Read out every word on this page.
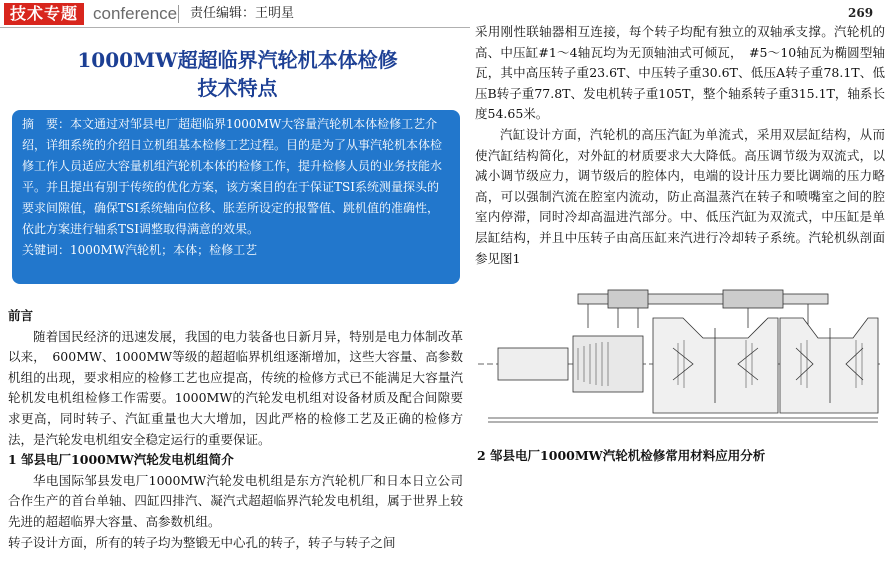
技术专题 conference 责任编辑：王明星	269
1000MW超超临界汽轮机本体检修
技术特点

摘　要：本文通过对邹县电厂超超临界1000MW大容量汽轮机本体检修工艺介绍，详细系统的介绍日立机组基本检修工艺过程。目的是为了从事汽轮机本体检修工作人员适应大容量机组汽轮机本体的检修工作，提升检修人员的业务技能水平。并且提出有别于传统的优化方案，该方案目的在于保证TSI系统测量探头的要求间隙值，确保TSI系统轴向位移、胀差所设定的报警值、跳机值的准确性，依此方案进行轴系TSI调整取得满意的效果。

关键词：1000MW汽轮机；本体；检修工艺

前言

随着国民经济的迅速发展，我国的电力装备也日新月异，特别是电力体制改革以来，　600MW、1000MW等级的超超临界机组逐渐增加，这些大容量、高参数机组的出现，要求相应的检修工艺也应提高，传统的检修方式已不能满足大容量汽轮机发电机组检修工作需要。1000MW的汽轮发电机组对设备材质及配合间隙要求更高，同时转子、汽缸重量也大大增加，因此严格的检修工艺及正确的检修方法，是汽轮发电机组安全稳定运行的重要保证。

1 邹县电厂1000MW汽轮发电机组简介

华电国际邹县发电厂1000MW汽轮发电机组是东方汽轮机厂和日本日立公司合作生产的首台单轴、四缸四排汽、凝汽式超超临界汽轮发电机组，属于世界上较先进的超超临界大容量、高参数机组。

转子设计方面，所有的转子均为整锻无中心孔的转子，转子与转子之间

采用刚性联轴器相互连接，每个转子均配有独立的双轴承支撑。汽轮机的高、中压缸#1～4轴瓦均为无顶轴油式可倾瓦，　#5～10轴瓦为椭圆型轴瓦，其中高压转子重23.6T、中压转子重30.6T、低压A转子重78.1T、低压B转子重77.8T、发电机转子重105T，整个轴系转子重315.1T，轴系长度54.65米。

汽缸设计方面，汽轮机的高压汽缸为单流式，采用双层缸结构，从而使汽缸结构简化，对外缸的材质要求大大降低。高压调节级为双流式，以减小调节级应力，调节级后的腔体内，电端的设计压力要比调端的压力略高，可以强制汽流在腔室内流动，防止高温蒸汽在转子和喷嘴室之间的腔室内停滞，同时冷却高温进汽部分。中、低压汽缸为双流式，中压缸是单层缸结构，并且中压转子由高压缸来汽进行冷却转子系统。汽轮机纵剖面参见图1

2 邹县电厂1000MW汽轮机检修常用材料应用分析
